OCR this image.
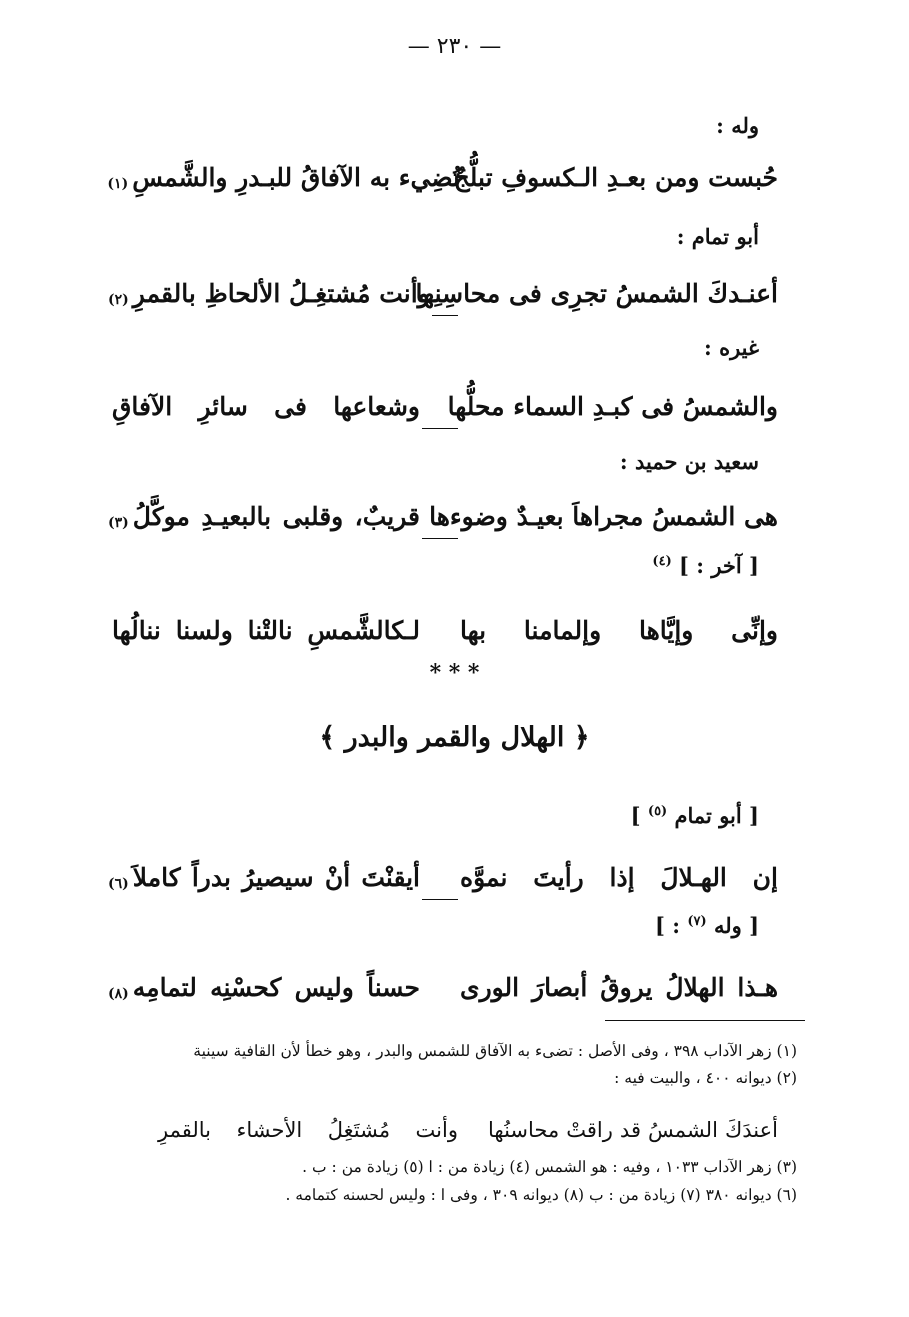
— ٢٣٠ —
وله :
حُبست ومن بعـدِ الـكسوفِ تبلُّجٌ
تُضِيء به الآفاقُ للبـدرِ والشَّمسِ
(١)
أبو تمام :
أعنـدكَ الشمسُ تجرِى فى محاسِنِها
وأنت مُشتغِـلُ الألحاظِ بالقمرِ
(٢)
غيره :
والشمسُ فى كبـدِ السماء محلُّها
وشعاعها فى سائرِ الآفاقِ
سعيد بن حميد :
هى الشمسُ مجراهاَ بعيـدٌ وضوءها
قريبٌ، وقلبى بالبعيـدِ موكَّلُ
(٣)
[ آخر : ] $^{(٤)}$
وإنِّى وإيَّاها وإلمامنا بها
لـكالشَّمسِ نالتْنا ولسنا ننالُها
* * *
﴿ الهلال والقمر والبدر ﴾
[ أبو تمام $^{(٥)}$ ]
إن الهـلالَ إذا رأيتَ نموَّه
أيقنْتَ أنْ سيصيرُ بدراً كاملاَ
(٦)
[ وله $^{(٧)}$ : ]
هـذا الهلالُ يروقُ أبصارَ الورى
حسناً وليس كحسْنِه لتمامِه
(٨)
(١) زهر الآداب ٣٩٨ ، وفى الأصل : تضىء به الآفاق للشمس والبدر ، وهو خطأ لأن القافية سينية
(٢) ديوانه ٤٠٠ ، والبيت فيه :
أعندَكَ الشمسُ قد راقتْ محاسنُها
وأنت مُشتَغِلُ الأحشاء بالقمرِ
(٣) زهر الآداب ١٠٣٣ ، وفيه : هو الشمس (٤) زيادة من : ا (٥) زيادة من : ب .
(٦) ديوانه ٣٨٠ (٧) زيادة من : ب (٨) ديوانه ٣٠٩ ، وفى ا : وليس لحسنه كتمامه .
